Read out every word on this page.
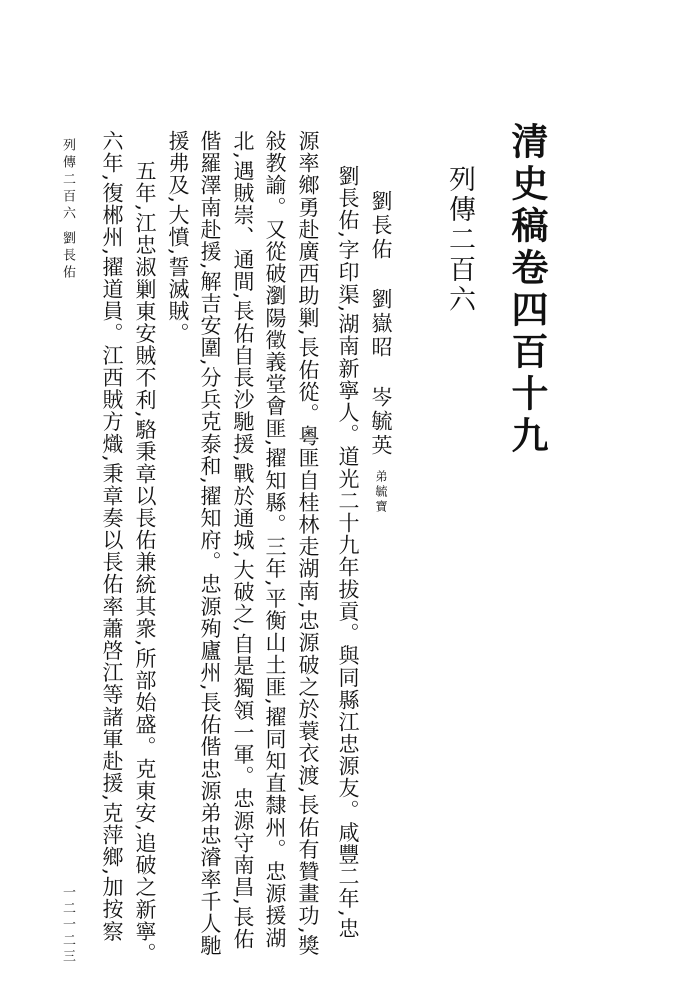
清史稿卷四百十九
列傳二百六
劉長佑劉嶽昭岑毓英弟毓寶
劉長佑,字印渠,湖南新寧人。道光二十九年拔貢。與同縣江忠源友。咸豐二年,忠
源率鄉勇赴廣西助剿,長佑從。粵匪自桂林走湖南,忠源破之於蓑衣渡,長佑有贊畫功,獎
敍教諭。又從破瀏陽徵義堂會匪,擢知縣。三年,平衡山土匪,擢同知直隸州。忠源援湖
北,遇賊崇、通間,長佑自長沙馳援,戰於通城,大破之,自是獨領一軍。忠源守南昌,長佑
偕羅澤南赴援,解吉安圍,分兵克泰和,擢知府。忠源殉廬州,長佑偕忠源弟忠濬率千人馳
援弗及,大憤,誓滅賊。
五年,江忠淑剿東安賊不利,駱秉章以長佑兼統其衆,所部始盛。克東安,追破之新寧。
六年,復郴州,擢道員。江西賊方熾,秉章奏以長佑率蕭啓江等諸軍赴援,克萍鄉,加按察
列傳二百六 劉長佑
一二一二三
